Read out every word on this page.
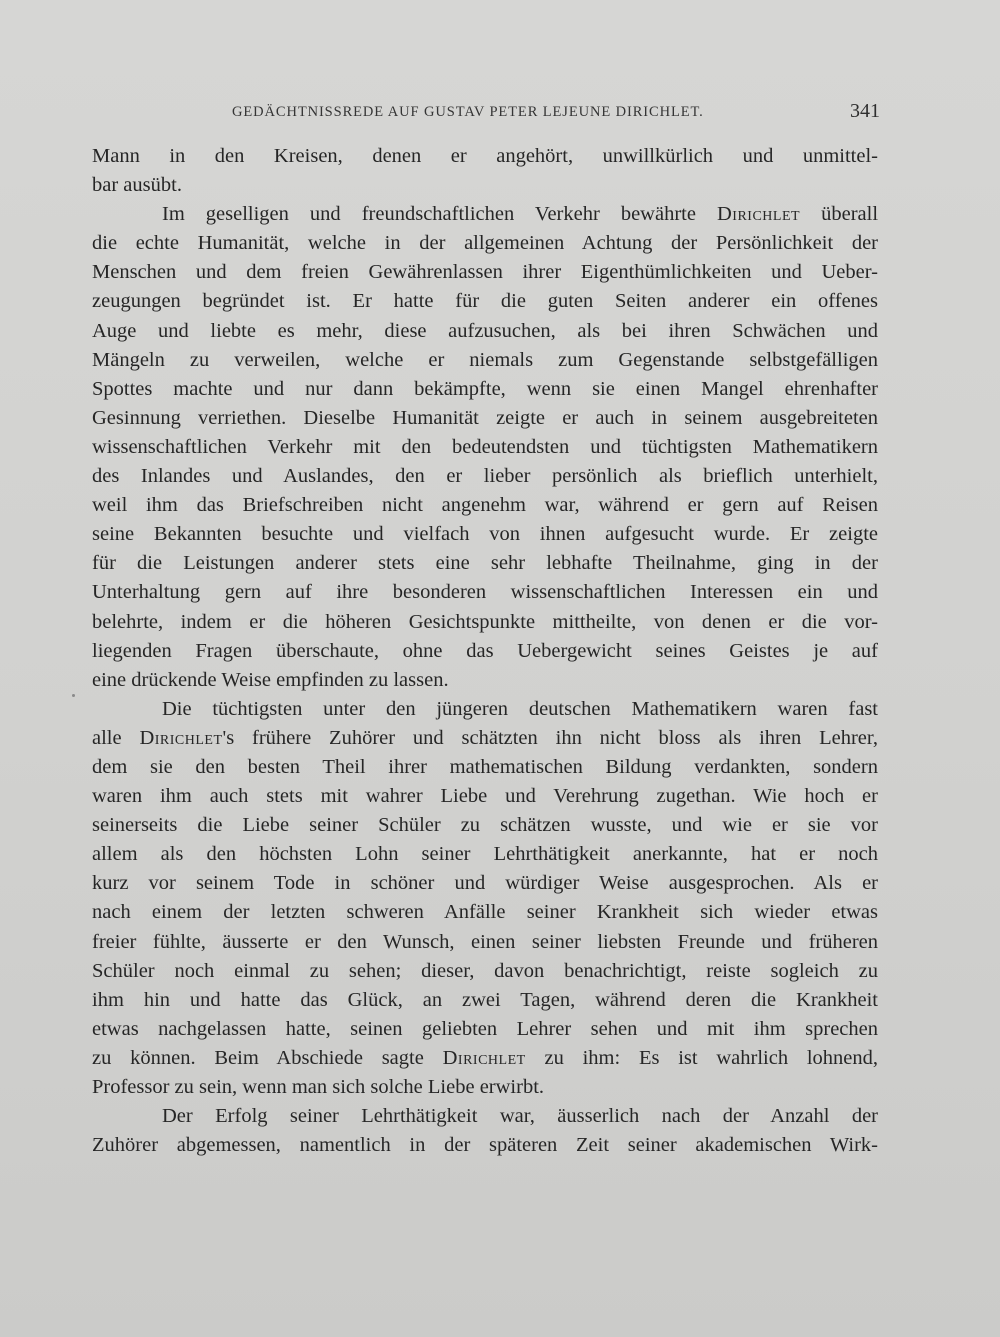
GEDÄCHTNISSREDE AUF GUSTAV PETER LEJEUNE DIRICHLET.	341
Mann in den Kreisen, denen er angehört, unwillkürlich und unmittel-
bar ausübt.
Im geselligen und freundschaftlichen Verkehr bewährte Dirichlet überall
die echte Humanität, welche in der allgemeinen Achtung der Persönlichkeit der
Menschen und dem freien Gewährenlassen ihrer Eigenthümlichkeiten und Ueber-
zeugungen begründet ist. Er hatte für die guten Seiten anderer ein offenes
Auge und liebte es mehr, diese aufzusuchen, als bei ihren Schwächen und
Mängeln zu verweilen, welche er niemals zum Gegenstande selbstgefälligen
Spottes machte und nur dann bekämpfte, wenn sie einen Mangel ehrenhafter
Gesinnung verriethen. Dieselbe Humanität zeigte er auch in seinem ausgebreiteten
wissenschaftlichen Verkehr mit den bedeutendsten und tüchtigsten Mathematikern
des Inlandes und Auslandes, den er lieber persönlich als brieflich unterhielt,
weil ihm das Briefschreiben nicht angenehm war, während er gern auf Reisen
seine Bekannten besuchte und vielfach von ihnen aufgesucht wurde. Er zeigte
für die Leistungen anderer stets eine sehr lebhafte Theilnahme, ging in der
Unterhaltung gern auf ihre besonderen wissenschaftlichen Interessen ein und
belehrte, indem er die höheren Gesichtspunkte mittheilte, von denen er die vor-
liegenden Fragen überschaute, ohne das Uebergewicht seines Geistes je auf
eine drückende Weise empfinden zu lassen.
Die tüchtigsten unter den jüngeren deutschen Mathematikern waren fast
alle Dirichlet's frühere Zuhörer und schätzten ihn nicht bloss als ihren Lehrer,
dem sie den besten Theil ihrer mathematischen Bildung verdankten, sondern
waren ihm auch stets mit wahrer Liebe und Verehrung zugethan. Wie hoch er
seinerseits die Liebe seiner Schüler zu schätzen wusste, und wie er sie vor
allem als den höchsten Lohn seiner Lehrthätigkeit anerkannte, hat er noch
kurz vor seinem Tode in schöner und würdiger Weise ausgesprochen. Als er
nach einem der letzten schweren Anfälle seiner Krankheit sich wieder etwas
freier fühlte, äusserte er den Wunsch, einen seiner liebsten Freunde und früheren
Schüler noch einmal zu sehen; dieser, davon benachrichtigt, reiste sogleich zu
ihm hin und hatte das Glück, an zwei Tagen, während deren die Krankheit
etwas nachgelassen hatte, seinen geliebten Lehrer sehen und mit ihm sprechen
zu können. Beim Abschiede sagte Dirichlet zu ihm: Es ist wahrlich lohnend,
Professor zu sein, wenn man sich solche Liebe erwirbt.
Der Erfolg seiner Lehrthätigkeit war, äusserlich nach der Anzahl der
Zuhörer abgemessen, namentlich in der späteren Zeit seiner akademischen Wirk-
